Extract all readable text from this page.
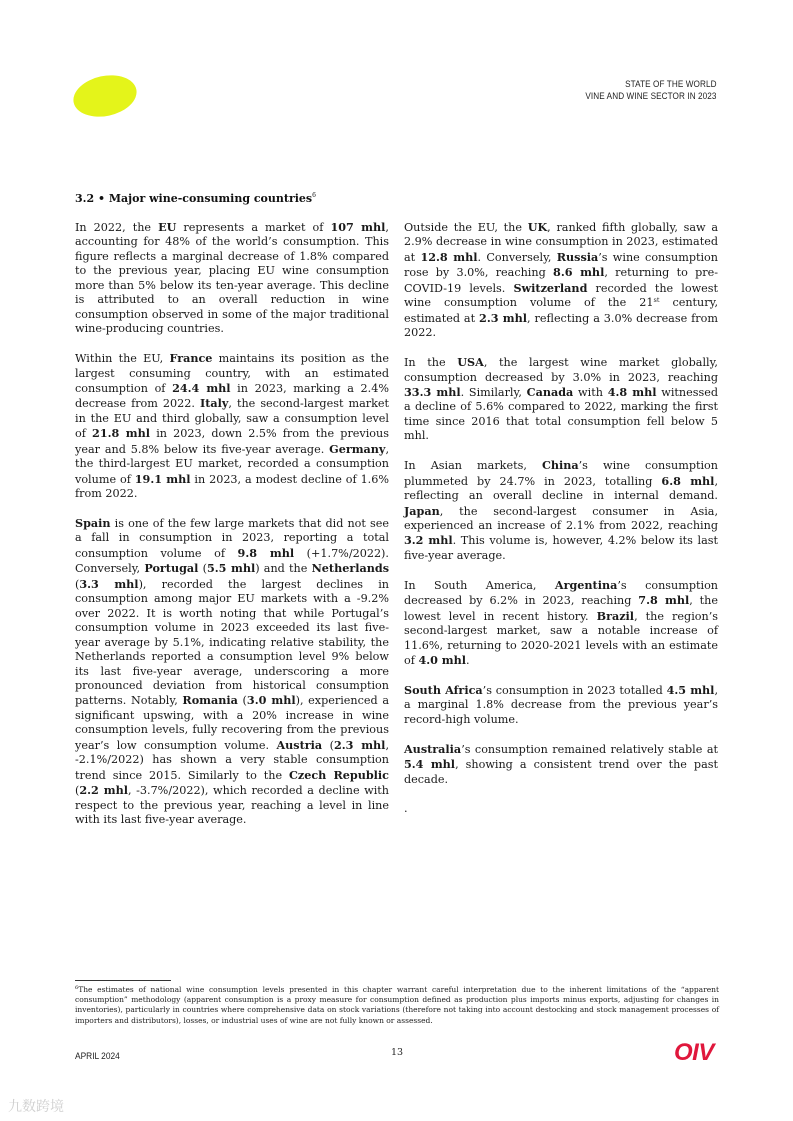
STATE OF THE WORLD
VINE AND WINE SECTOR IN 2023
3.2 • Major wine-consuming countries$^6$

In 2022, the EU represents a market of 107 mhl, accounting for 48% of the world’s consumption. This figure reflects a marginal decrease of 1.8% compared to the previous year, placing EU wine consumption more than 5% below its ten-year average. This decline is attributed to an overall reduction in wine consumption observed in some of the major traditional wine-producing countries.

Within the EU, France maintains its position as the largest consuming country, with an estimated consumption of 24.4 mhl in 2023, marking a 2.4% decrease from 2022. Italy, the second-largest market in the EU and third globally, saw a consumption level of 21.8 mhl in 2023, down 2.5% from the previous year and 5.8% below its five-year average. Germany, the third-largest EU market, recorded a consumption volume of 19.1 mhl in 2023, a modest decline of 1.6% from 2022.

Spain is one of the few large markets that did not see a fall in consumption in 2023, reporting a total consumption volume of 9.8 mhl (+1.7%/2022). Conversely, Portugal (5.5 mhl) and the Netherlands (3.3 mhl), recorded the largest declines in consumption among major EU markets with a -9.2% over 2022. It is worth noting that while Portugal’s consumption volume in 2023 exceeded its last five-year average by 5.1%, indicating relative stability, the Netherlands reported a consumption level 9% below its last five-year average, underscoring a more pronounced deviation from historical consumption patterns. Notably, Romania (3.0 mhl), experienced a significant upswing, with a 20% increase in wine consumption levels, fully recovering from the previous year’s low consumption volume. Austria (2.3 mhl, -2.1%/2022) has shown a very stable consumption trend since 2015. Similarly to the Czech Republic (2.2 mhl, -3.7%/2022), which recorded a decline with respect to the previous year, reaching a level in line with its last five-year average.

Outside the EU, the UK, ranked fifth globally, saw a 2.9% decrease in wine consumption in 2023, estimated at 12.8 mhl. Conversely, Russia’s wine consumption rose by 3.0%, reaching 8.6 mhl, returning to pre-COVID-19 levels. Switzerland recorded the lowest wine consumption volume of the 21st century, estimated at 2.3 mhl, reflecting a 3.0% decrease from 2022.

In the USA, the largest wine market globally, consumption decreased by 3.0% in 2023, reaching 33.3 mhl. Similarly, Canada with 4.8 mhl witnessed a decline of 5.6% compared to 2022, marking the first time since 2016 that total consumption fell below 5 mhl.

In Asian markets, China’s wine consumption plummeted by 24.7% in 2023, totalling 6.8 mhl, reflecting an overall decline in internal demand. Japan, the second-largest consumer in Asia, experienced an increase of 2.1% from 2022, reaching 3.2 mhl. This volume is, however, 4.2% below its last five-year average.

In South America, Argentina’s consumption decreased by 6.2% in 2023, reaching 7.8 mhl, the lowest level in recent history. Brazil, the region’s second-largest market, saw a notable increase of 11.6%, returning to 2020-2021 levels with an estimate of 4.0 mhl.

South Africa’s consumption in 2023 totalled 4.5 mhl, a marginal 1.8% decrease from the previous year’s record-high volume.

Australia’s consumption remained relatively stable at 5.4 mhl, showing a consistent trend over the past decade.

.

$^6$The estimates of national wine consumption levels presented in this chapter warrant careful interpretation due to the inherent limitations of the “apparent consumption” methodology (apparent consumption is a proxy measure for consumption defined as production plus imports minus exports, adjusting for changes in inventories), particularly in countries where comprehensive data on stock variations (therefore not taking into account destocking and stock management processes of importers and distributors), losses, or industrial uses of wine are not fully known or assessed.
APRIL 2024	13	OIV
九数跨境
